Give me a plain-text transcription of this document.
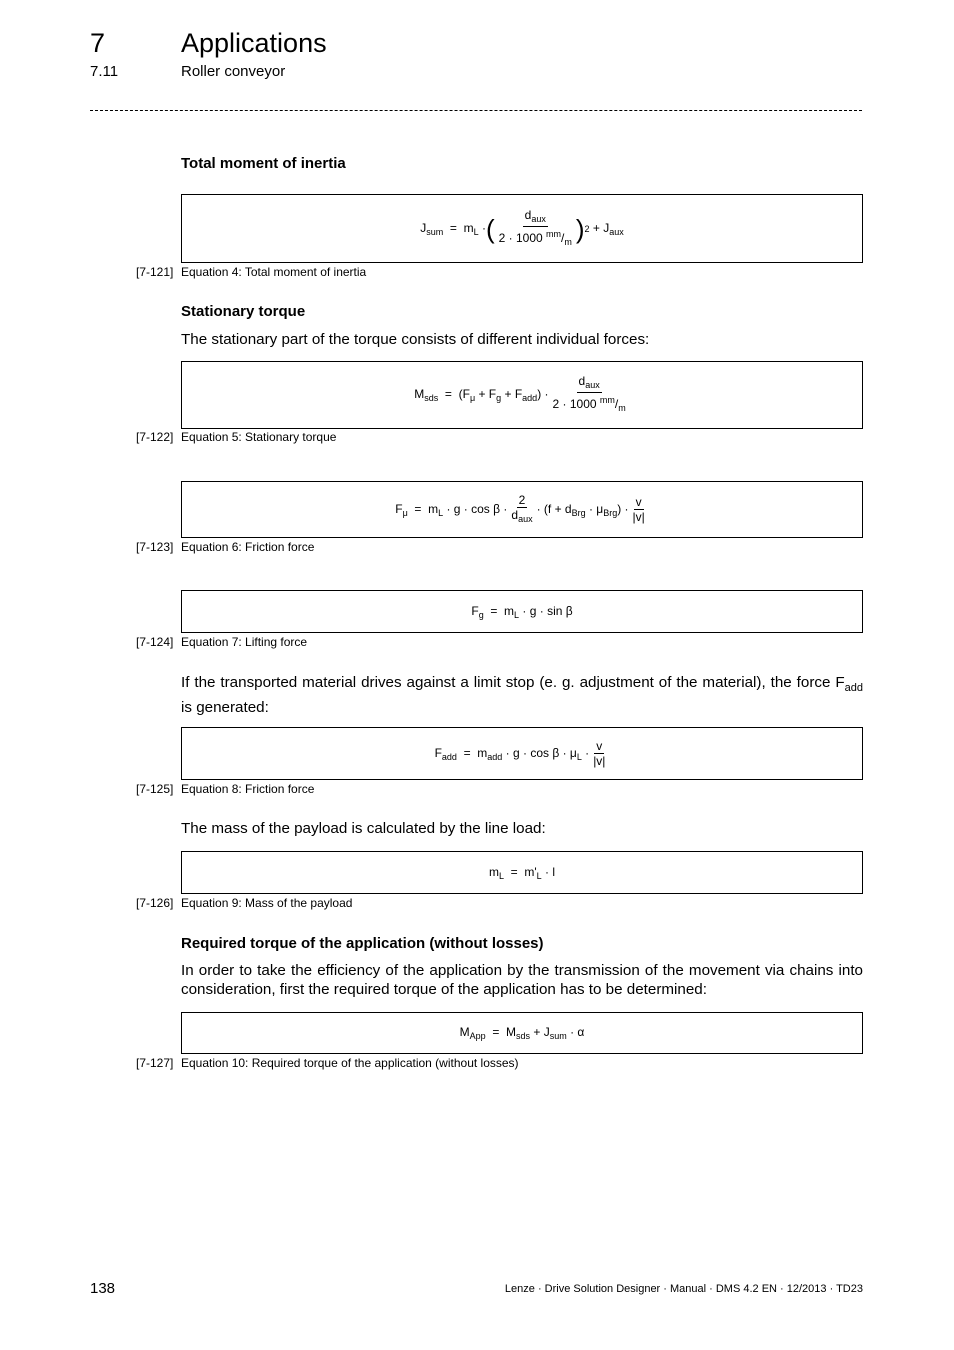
7	Applications
7.11	Roller conveyor
Total moment of inertia
$J_{sum} = m_L$ · ( $\frac{d_{aux}}{2 \cdot 1000 ^{mm}/_m}$ ) $2 + J_{aux}$
[7-121] Equation 4: Total moment of inertia
Stationary torque
The stationary part of the torque consists of different individual forces:
$M_{sds} = (F_\mu + F_g + F_{add}) \cdot \frac{d_{aux}}{2 \cdot 1000 ^{mm}/_m}$
[7-122] Equation 5: Stationary torque
$F_\mu = m_L \cdot g \cdot \cos \beta \cdot \frac{2}{d_{aux}} \cdot (f + d_{Brg} \cdot \mu_{Brg}) \cdot \frac{v}{|v|}$
[7-123] Equation 6: Friction force
$F_g = m_L \cdot g \cdot \sin \beta$
[7-124] Equation 7: Lifting force
If the transported material drives against a limit stop (e. g. adjustment of the material), the force $F_{add}$ is generated:
$F_{add} = m_{add} \cdot g \cdot \cos \beta \cdot \mu_L \cdot \frac{v}{|v|}$
[7-125] Equation 8: Friction force
The mass of the payload is calculated by the line load:
$m_L = m'_L \cdot l$
[7-126] Equation 9: Mass of the payload
Required torque of the application (without losses)
In order to take the efficiency of the application by the transmission of the movement via chains into consideration, first the required torque of the application has to be determined:
$M_{App} = M_{sds} + J_{sum} \cdot \alpha$
[7-127] Equation 10: Required torque of the application (without losses)
138	Lenze · Drive Solution Designer · Manual · DMS 4.2 EN · 12/2013 · TD23
